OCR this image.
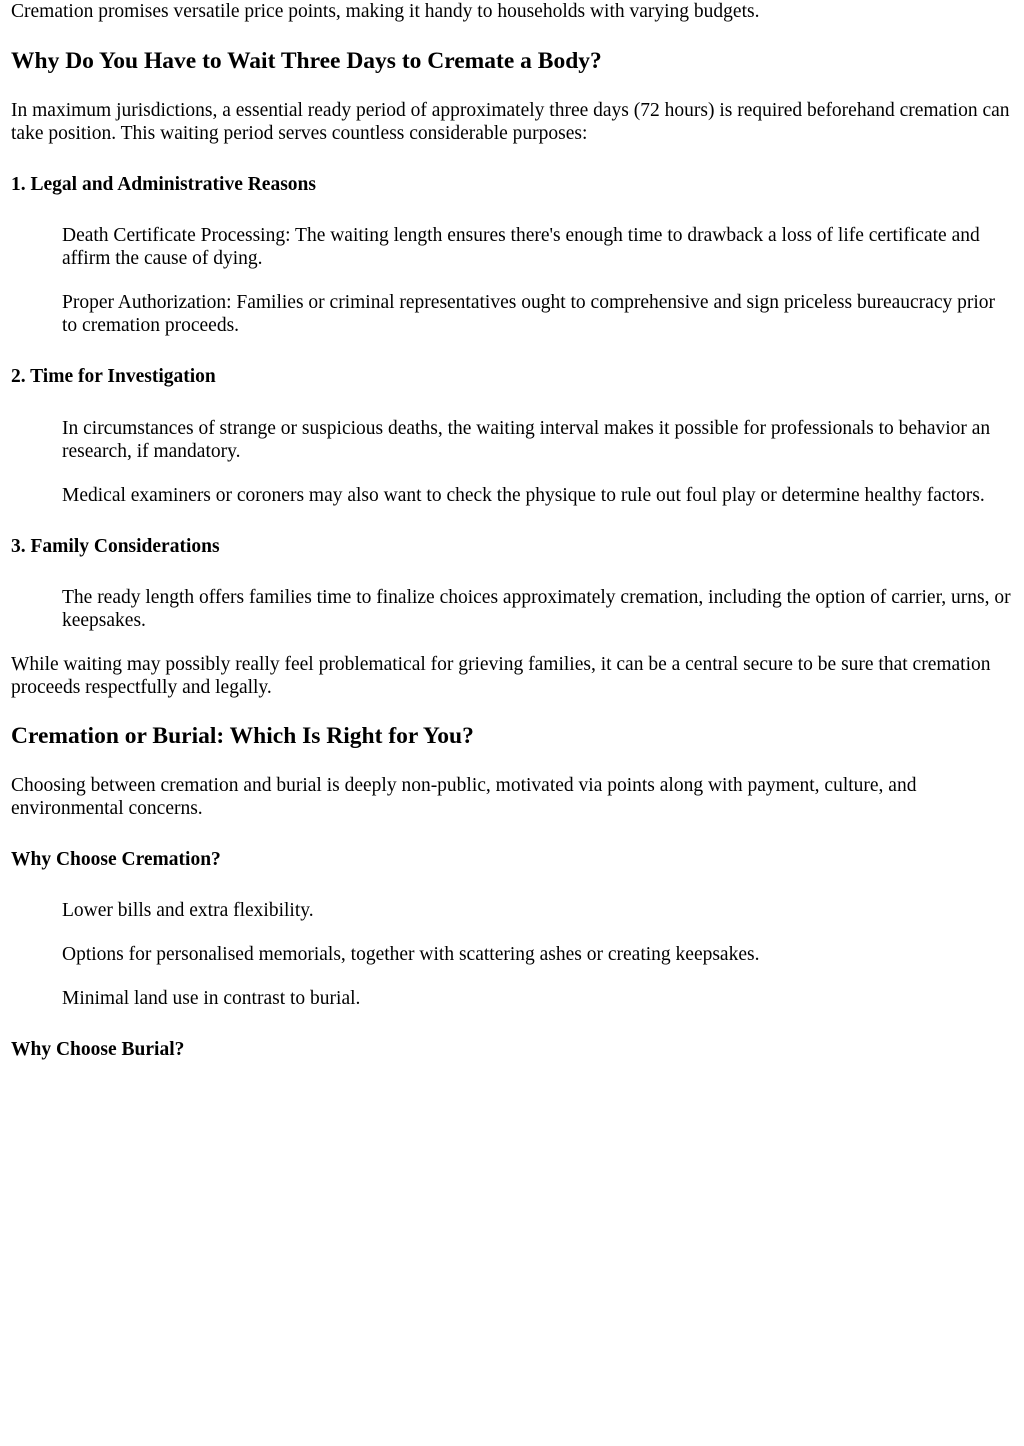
Cremation promises versatile price points, making it handy to households with varying budgets.

Why Do You Have to Wait Three Days to Cremate a Body?

In maximum jurisdictions, a essential ready period of approximately three days (72 hours) is required beforehand cremation can take position. This waiting period serves countless considerable purposes:

1. Legal and Administrative Reasons

Death Certificate Processing: The waiting length ensures there's enough time to drawback a loss of life certificate and affirm the cause of dying.

Proper Authorization: Families or criminal representatives ought to comprehensive and sign priceless bureaucracy prior to cremation proceeds.

2. Time for Investigation

In circumstances of strange or suspicious deaths, the waiting interval makes it possible for professionals to behavior an research, if mandatory.

Medical examiners or coroners may also want to check the physique to rule out foul play or determine healthy factors.

3. Family Considerations

The ready length offers families time to finalize choices approximately cremation, including the option of carrier, urns, or keepsakes.

While waiting may possibly really feel problematical for grieving families, it can be a central secure to be sure that cremation proceeds respectfully and legally.

Cremation or Burial: Which Is Right for You?

Choosing between cremation and burial is deeply non-public, motivated via points along with payment, culture, and environmental concerns.

Why Choose Cremation?

Lower bills and extra flexibility.

Options for personalised memorials, together with scattering ashes or creating keepsakes.

Minimal land use in contrast to burial.

Why Choose Burial?
